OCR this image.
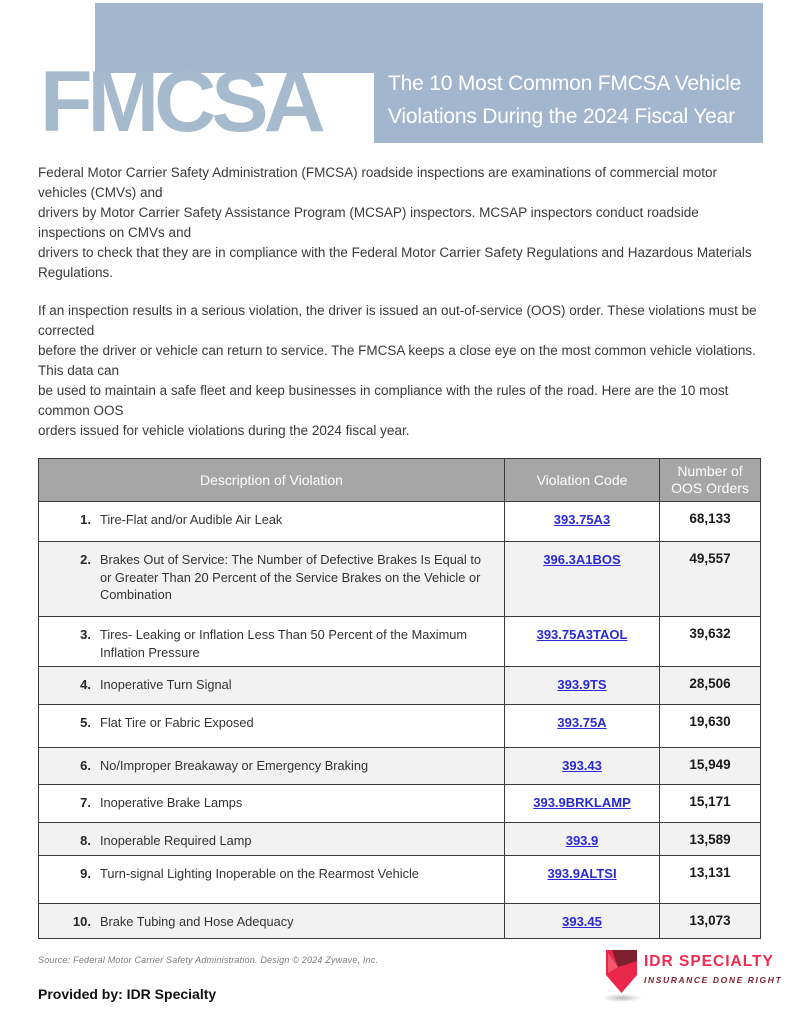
The 10 Most Common FMCSA Vehicle
Violations During the 2024 Fiscal Year
FMCSA
Federal Motor Carrier Safety Administration (FMCSA) roadside inspections are examinations of commercial motor vehicles (CMVs) and
drivers by Motor Carrier Safety Assistance Program (MCSAP) inspectors. MCSAP inspectors conduct roadside inspections on CMVs and
drivers to check that they are in compliance with the Federal Motor Carrier Safety Regulations and Hazardous Materials Regulations.
If an inspection results in a serious violation, the driver is issued an out-of-service (OOS) order. These violations must be corrected
before the driver or vehicle can return to service. The FMCSA keeps a close eye on the most common vehicle violations. This data can
be used to maintain a safe fleet and keep businesses in compliance with the rules of the road. Here are the 10 most common OOS
orders issued for vehicle violations during the 2024 fiscal year.
Description of Violation	Violation Code	Number of OOS Orders

1. Tire-Flat and/or Audible Air Leak	393.75A3	68,133

2. Brakes Out of Service: The Number of Defective Brakes Is Equal to or Greater Than 20 Percent of the Service Brakes on the Vehicle or Combination	396.3A1BOS	49,557

3. Tires- Leaking or Inflation Less Than 50 Percent of the Maximum Inflation Pressure	393.75A3TAOL	39,632

4. Inoperative Turn Signal	393.9TS	28,506

5. Flat Tire or Fabric Exposed	393.75A	19,630

6. No/Improper Breakaway or Emergency Braking	393.43	15,949

7. Inoperative Brake Lamps	393.9BRKLAMP	15,171

8. Inoperable Required Lamp	393.9	13,589

9. Turn-signal Lighting Inoperable on the Rearmost Vehicle	393.9ALTSI	13,131

10. Brake Tubing and Hose Adequacy	393.45	13,073
Source: Federal Motor Carrier Safety Administration. Design © 2024 Zywave, Inc.
Provided by: IDR Specialty
IDR SPECIALTY
INSURANCE DONE RIGHT
